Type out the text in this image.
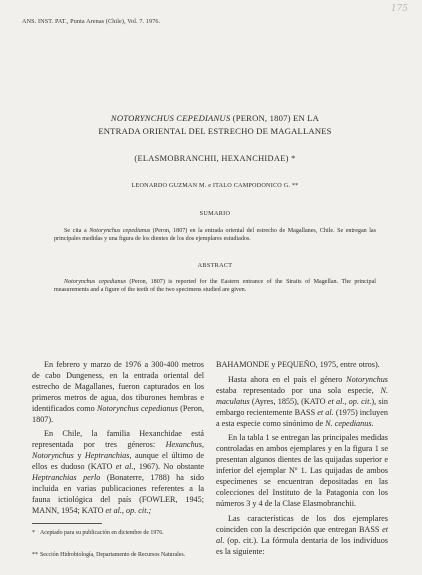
ANS. INST. PAT., Punta Arenas (Chile), Vol. 7. 1976.
175
NOTORYNCHUS CEPEDIANUS (PERON, 1807) EN LA
ENTRADA ORIENTAL DEL ESTRECHO DE MAGALLANES
(ELASMOBRANCHII, HEXANCHIDAE) *
LEONARDO GUZMAN M. e ITALO CAMPODONICO G. **
SUMARIO
Se cita a Notorynchus cepedianus (Peron, 1807) en la entrada oriental del estrecho de Magallanes, Chile. Se entregan las principales medidas y una figura de los dientes de los dos ejemplares estudiados.
ABSTRACT
Notorynchus cepedianus (Peron, 1807) is reported for the Eastern entrance of the Straits of Magellan. The principal measurements and a figure of the teeth of the two specimens studied are given.

En febrero y marzo de 1976 a 300-400 metros de cabo Dungeness, en la entrada oriental del estrecho de Magallanes, fueron capturados en los primeros metros de agua, dos tiburones hembras e identificados como Notorynchus cepedianus (Peron, 1807).

En Chile, la familia Hexanchidae está representada por tres géneros: Hexanchus, Notorynchus y Heptranchias, aunque el último de ellos es dudoso (KATO et al., 1967). No obstante Heptranchias perlo (Bonaterre, 1788) ha sido incluida en varias publicaciones referentes a la fauna ictiológica del país (FOWLER, 1945; MANN, 1954; KATO et al., op. cit.;

* Aceptado para su publicación en diciembre de 1976.
** Sección Hidrobiología, Departamento de Recursos Naturales.

BAHAMONDE y PEQUEÑO, 1975, entre otros).

Hasta ahora en el país el género Notorynchus estaba representado por una sola especie, N. maculatus (Ayres, 1855), (KATO et al., op. cit.), sin embargo recientemente BASS et al. (1975) incluyen a esta especie como sinónimo de N. cepedianus.

En la tabla 1 se entregan las principales medidas controladas en ambos ejemplares y en la figura 1 se presentan algunos dientes de las quijadas superior e inferior del ejemplar Nº 1. Las quijadas de ambos especímenes se encuentran depositadas en las colecciones del Instituto de la Patagonia con los números 3 y 4 de la Clase Elasmobranchii.

Las características de los dos ejemplares coinciden con la descripción que entregan BASS et al. (op. cit.). La fórmula dentaria de los individuos es la siguiente:
